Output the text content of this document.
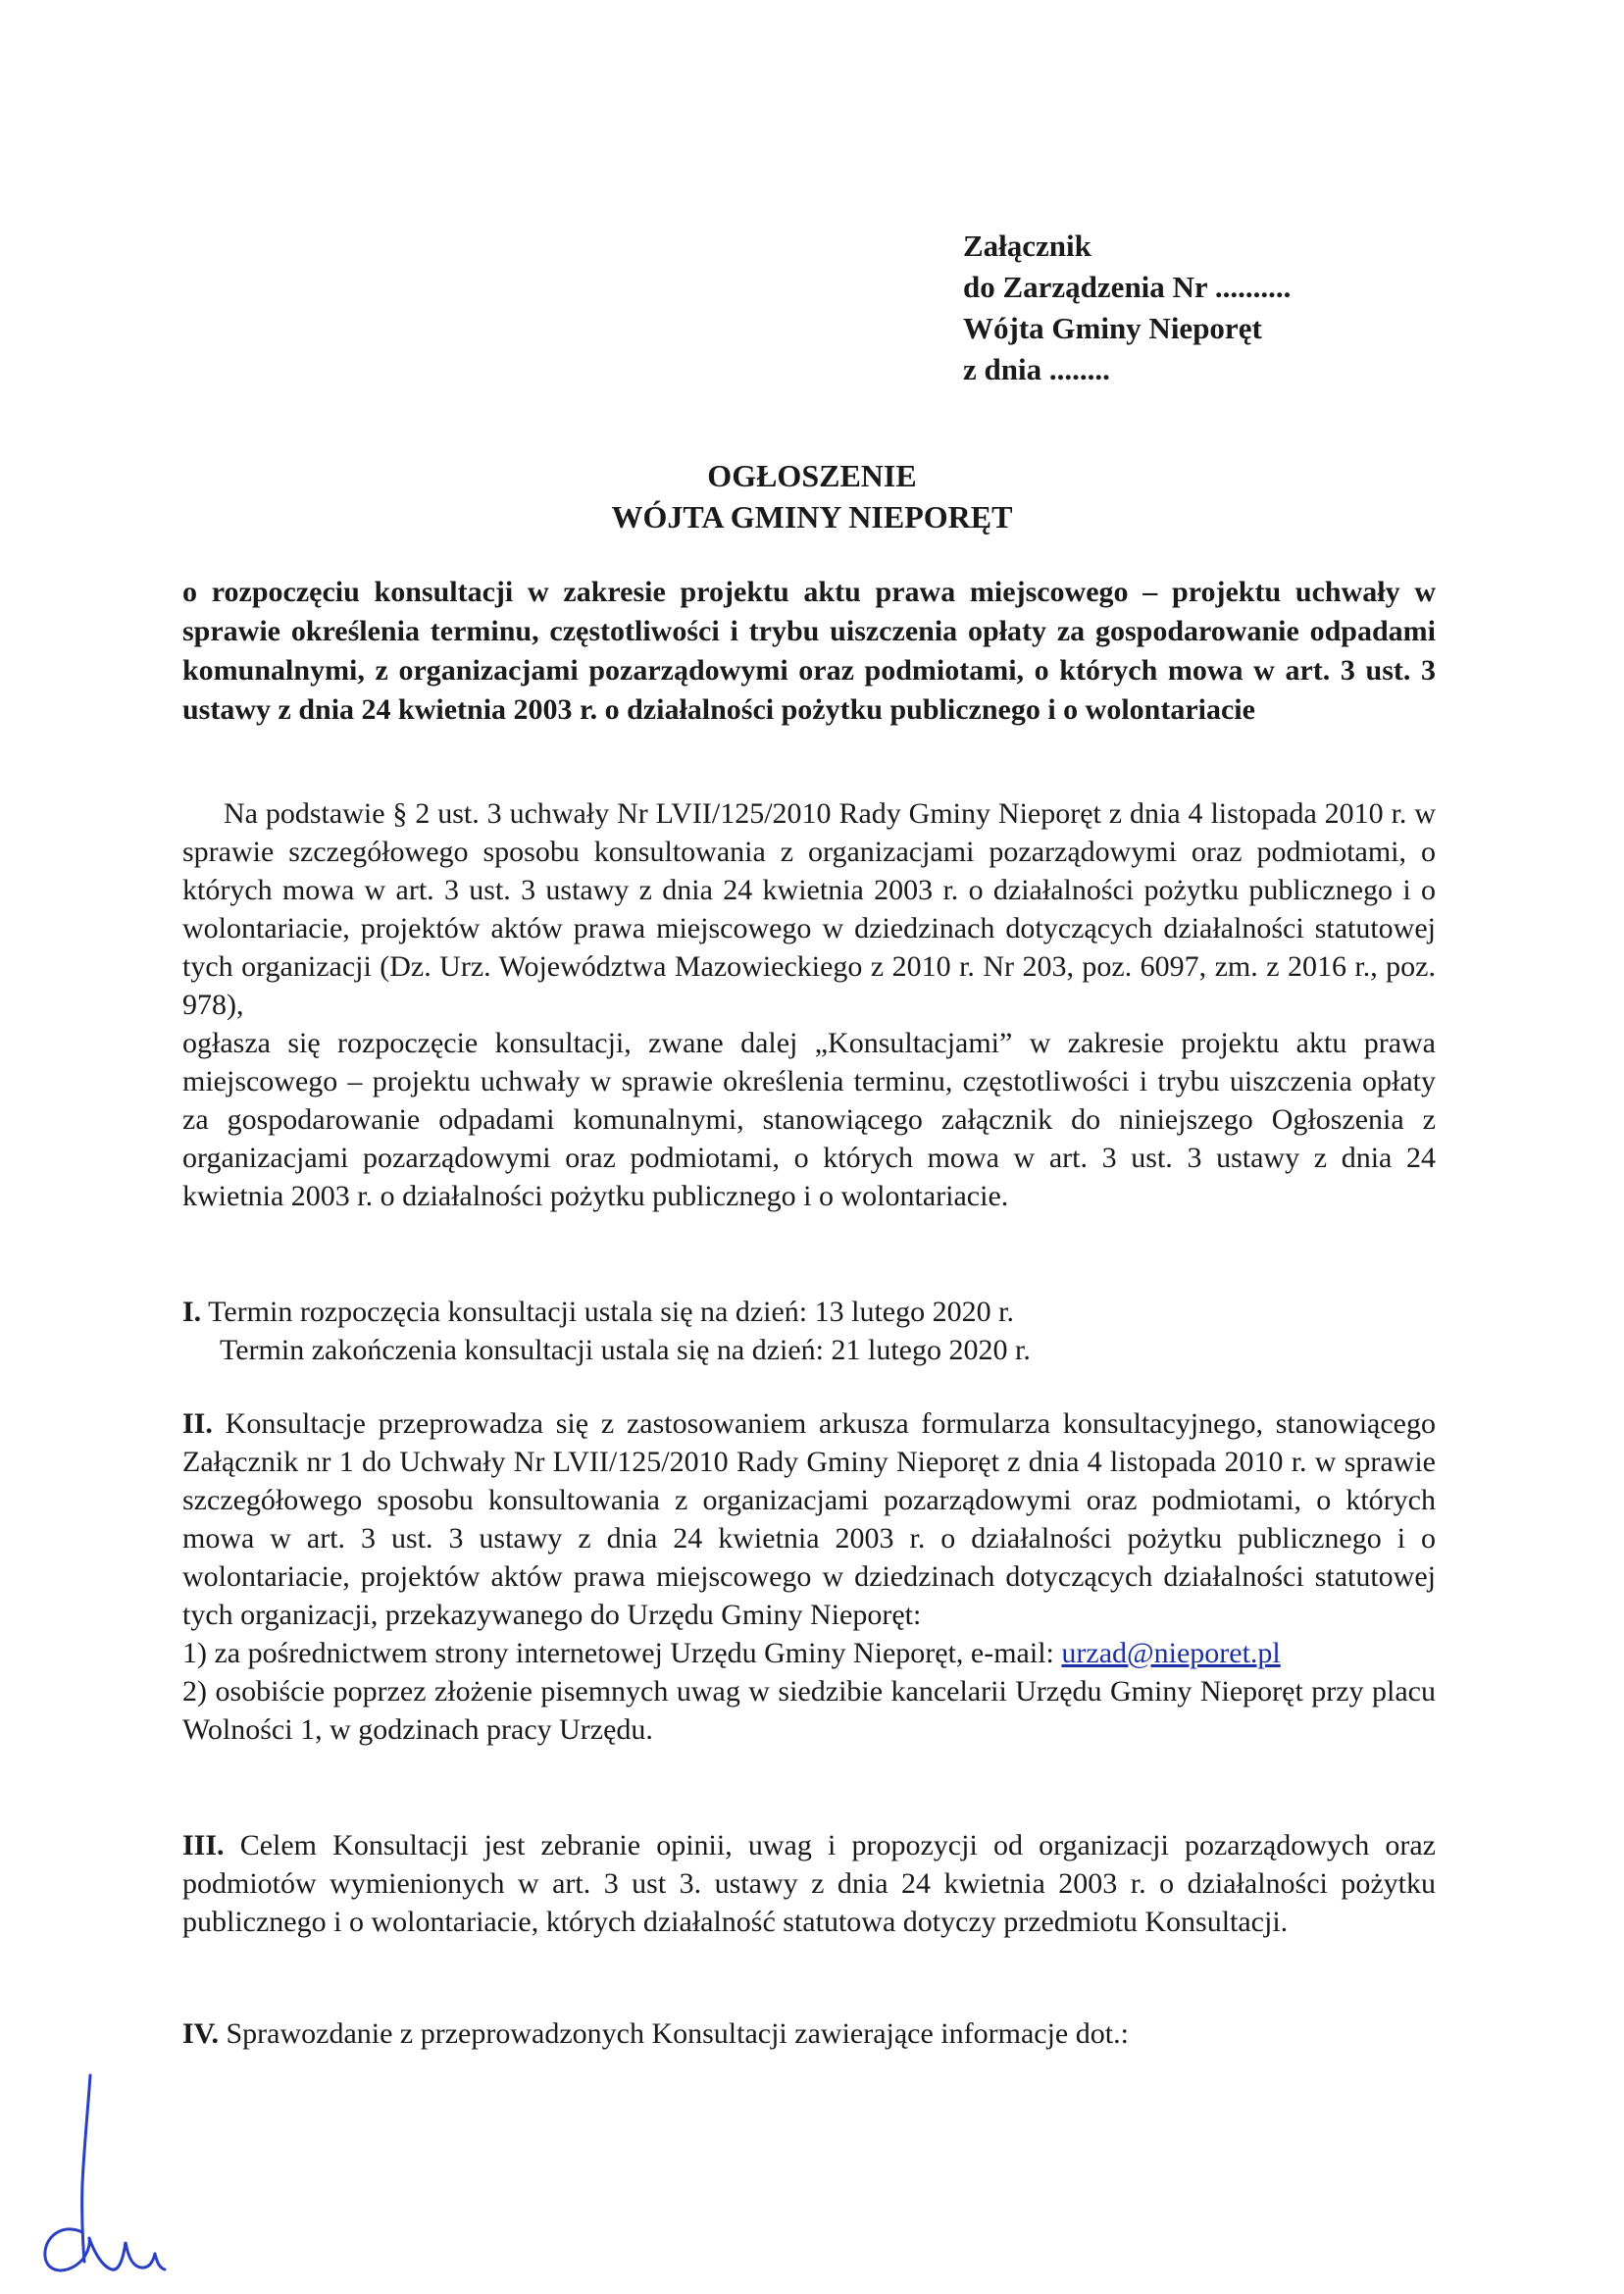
Załącznik
do Zarządzenia Nr ..........
Wójta Gminy Nieporęt
z dnia ........
OGŁOSZENIE
WÓJTA GMINY NIEPORĘT
o rozpoczęciu konsultacji w zakresie projektu aktu prawa miejscowego – projektu uchwały w sprawie określenia terminu, częstotliwości i trybu uiszczenia opłaty za gospodarowanie odpadami komunalnymi, z organizacjami pozarządowymi oraz podmiotami, o których mowa w art. 3 ust. 3 ustawy z dnia 24 kwietnia 2003 r. o działalności pożytku publicznego i o wolontariacie
Na podstawie § 2 ust. 3 uchwały Nr LVII/125/2010 Rady Gminy Nieporęt z dnia 4 listopada 2010 r. w sprawie szczegółowego sposobu konsultowania z organizacjami pozarządowymi oraz podmiotami, o których mowa w art. 3 ust. 3 ustawy z dnia 24 kwietnia 2003 r. o działalności pożytku publicznego i o wolontariacie, projektów aktów prawa miejscowego w dziedzinach dotyczących działalności statutowej tych organizacji (Dz. Urz. Województwa Mazowieckiego z 2010 r. Nr 203, poz. 6097, zm. z 2016 r., poz. 978),
ogłasza się rozpoczęcie konsultacji, zwane dalej „Konsultacjami” w zakresie projektu aktu prawa miejscowego – projektu uchwały w sprawie określenia terminu, częstotliwości i trybu uiszczenia opłaty za gospodarowanie odpadami komunalnymi, stanowiącego załącznik do niniejszego Ogłoszenia z organizacjami pozarządowymi oraz podmiotami, o których mowa w art. 3 ust. 3 ustawy z dnia 24 kwietnia 2003 r. o działalności pożytku publicznego i o wolontariacie.
I. Termin rozpoczęcia konsultacji ustala się na dzień: 13 lutego 2020 r.
Termin zakończenia konsultacji ustala się na dzień: 21 lutego 2020 r.
II. Konsultacje przeprowadza się z zastosowaniem arkusza formularza konsultacyjnego, stanowiącego Załącznik nr 1 do Uchwały Nr LVII/125/2010 Rady Gminy Nieporęt z dnia 4 listopada 2010 r. w sprawie szczegółowego sposobu konsultowania z organizacjami pozarządowymi oraz podmiotami, o których mowa w art. 3 ust. 3 ustawy z dnia 24 kwietnia 2003 r. o działalności pożytku publicznego i o wolontariacie, projektów aktów prawa miejscowego w dziedzinach dotyczących działalności statutowej tych organizacji, przekazywanego do Urzędu Gminy Nieporęt:
1) za pośrednictwem strony internetowej Urzędu Gminy Nieporęt, e-mail: urzad@nieporet.pl
2) osobiście poprzez złożenie pisemnych uwag w siedzibie kancelarii Urzędu Gminy Nieporęt przy placu Wolności 1, w godzinach pracy Urzędu.
III. Celem Konsultacji jest zebranie opinii, uwag i propozycji od organizacji pozarządowych oraz podmiotów wymienionych w art. 3 ust 3. ustawy z dnia 24 kwietnia 2003 r. o działalności pożytku publicznego i o wolontariacie, których działalność statutowa dotyczy przedmiotu Konsultacji.
IV. Sprawozdanie z przeprowadzonych Konsultacji zawierające informacje dot.:
